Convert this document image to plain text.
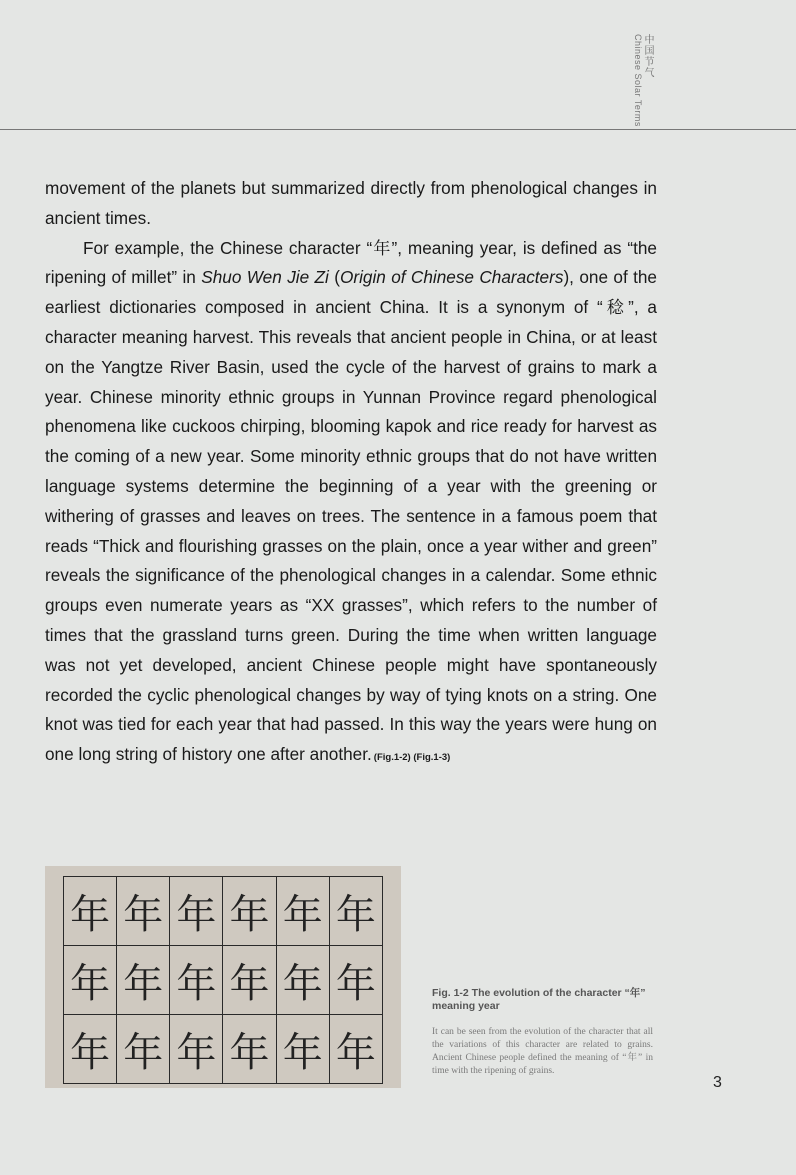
Chinese Solar Terms 中国节气

movement of the planets but summarized directly from phenological changes in ancient times.

For example, the Chinese character “年”, meaning year, is defined as “the ripening of millet” in Shuo Wen Jie Zi (Origin of Chinese Characters), one of the earliest dictionaries composed in ancient China. It is a synonym of “稔”, a character meaning harvest. This reveals that ancient people in China, or at least on the Yangtze River Basin, used the cycle of the harvest of grains to mark a year. Chinese minority ethnic groups in Yunnan Province regard phenological phenomena like cuckoos chirping, blooming kapok and rice ready for harvest as the coming of a new year. Some minority ethnic groups that do not have written language systems determine the beginning of a year with the greening or withering of grasses and leaves on trees. The sentence in a famous poem that reads “Thick and flourishing grasses on the plain, once a year wither and green” reveals the significance of the phenological changes in a calendar. Some ethnic groups even numerate years as “XX grasses”, which refers to the number of times that the grassland turns green. During the time when written language was not yet developed, ancient Chinese people might have spontaneously recorded the cyclic phenological changes by way of tying knots on a string. One knot was tied for each year that had passed. In this way the years were hung on one long string of history one after another. (Fig.1-2) (Fig.1-3)

年	年	年	年	年	年
年	年	年	年	年	年
年	年	年	年	年	年
Fig. 1-2 The evolution of the character “年” meaning year
It can be seen from the evolution of the character that all the variations of this character are related to grains. Ancient Chinese people defined the meaning of “年” in time with the ripening of grains.
3
